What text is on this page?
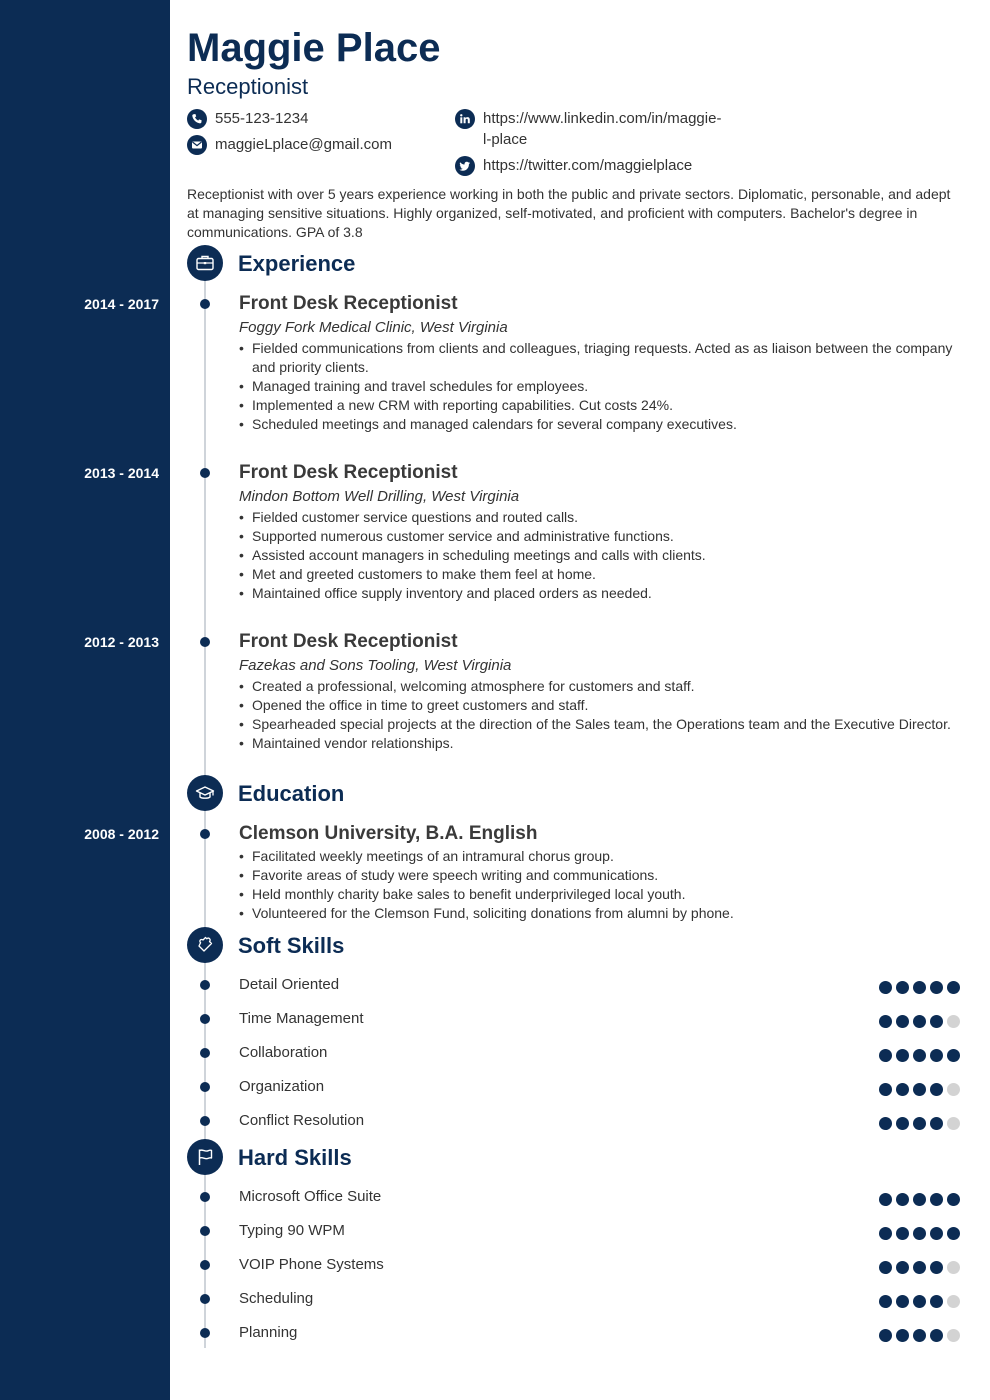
Maggie Place
Receptionist
555-123-1234
maggieLplace@gmail.com
https://www.linkedin.com/in/maggie-
l-place
https://twitter.com/maggielplace
Receptionist with over 5 years experience working in both the public and private sectors. Diplomatic, personable, and adept at managing sensitive situations. Highly organized, self-motivated, and proficient with computers. Bachelor's degree in communications. GPA of 3.8
Experience
2014 - 2017	Front Desk Receptionist
Foggy Fork Medical Clinic, West Virginia
• Fielded communications from clients and colleagues, triaging requests. Acted as as liaison between the company and priority clients.
• Managed training and travel schedules for employees.
• Implemented a new CRM with reporting capabilities. Cut costs 24%.
• Scheduled meetings and managed calendars for several company executives.
2013 - 2014	Front Desk Receptionist
Mindon Bottom Well Drilling, West Virginia
• Fielded customer service questions and routed calls.
• Supported numerous customer service and administrative functions.
• Assisted account managers in scheduling meetings and calls with clients.
• Met and greeted customers to make them feel at home.
• Maintained office supply inventory and placed orders as needed.
2012 - 2013	Front Desk Receptionist
Fazekas and Sons Tooling, West Virginia
• Created a professional, welcoming atmosphere for customers and staff.
• Opened the office in time to greet customers and staff.
• Spearheaded special projects at the direction of the Sales team, the Operations team and the Executive Director.
• Maintained vendor relationships.
Education
2008 - 2012	Clemson University, B.A. English
• Facilitated weekly meetings of an intramural chorus group.
• Favorite areas of study were speech writing and communications.
• Held monthly charity bake sales to benefit underprivileged local youth.
• Volunteered for the Clemson Fund, soliciting donations from alumni by phone.
Soft Skills
Detail Oriented
Time Management
Collaboration
Organization
Conflict Resolution
Hard Skills
Microsoft Office Suite
Typing 90 WPM
VOIP Phone Systems
Scheduling
Planning
